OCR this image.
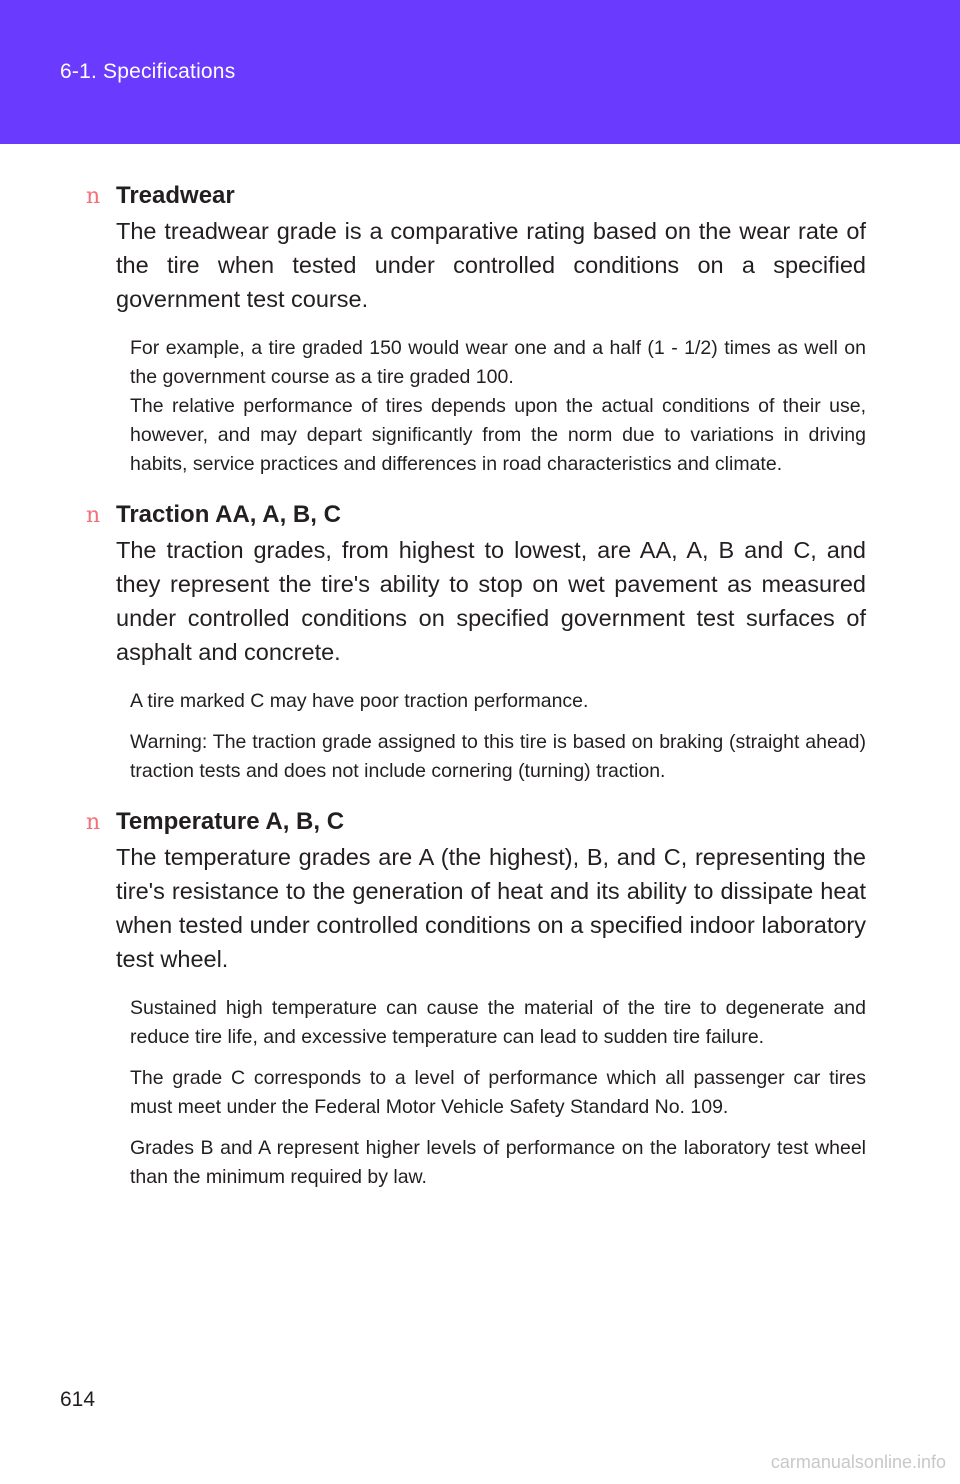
6-1. Specifications
n Treadwear

The treadwear grade is a comparative rating based on the wear rate of the tire when tested under controlled conditions on a specified government test course.

For example, a tire graded 150 would wear one and a half (1 - 1/2) times as well on the government course as a tire graded 100.

The relative performance of tires depends upon the actual conditions of their use, however, and may depart significantly from the norm due to variations in driving habits, service practices and differences in road characteristics and climate.

n Traction AA, A, B, C

The traction grades, from highest to lowest, are AA, A, B and C, and they represent the tire's ability to stop on wet pavement as measured under controlled conditions on specified government test surfaces of asphalt and concrete.

A tire marked C may have poor traction performance.

Warning: The traction grade assigned to this tire is based on braking (straight ahead) traction tests and does not include cornering (turning) traction.

n Temperature A, B, C

The temperature grades are A (the highest), B, and C, representing the tire's resistance to the generation of heat and its ability to dissipate heat when tested under controlled conditions on a specified indoor laboratory test wheel.

Sustained high temperature can cause the material of the tire to degenerate and reduce tire life, and excessive temperature can lead to sudden tire failure.

The grade C corresponds to a level of performance which all passenger car tires must meet under the Federal Motor Vehicle Safety Standard No. 109.

Grades B and A represent higher levels of performance on the laboratory test wheel than the minimum required by law.

614
carmanualsonline.info
